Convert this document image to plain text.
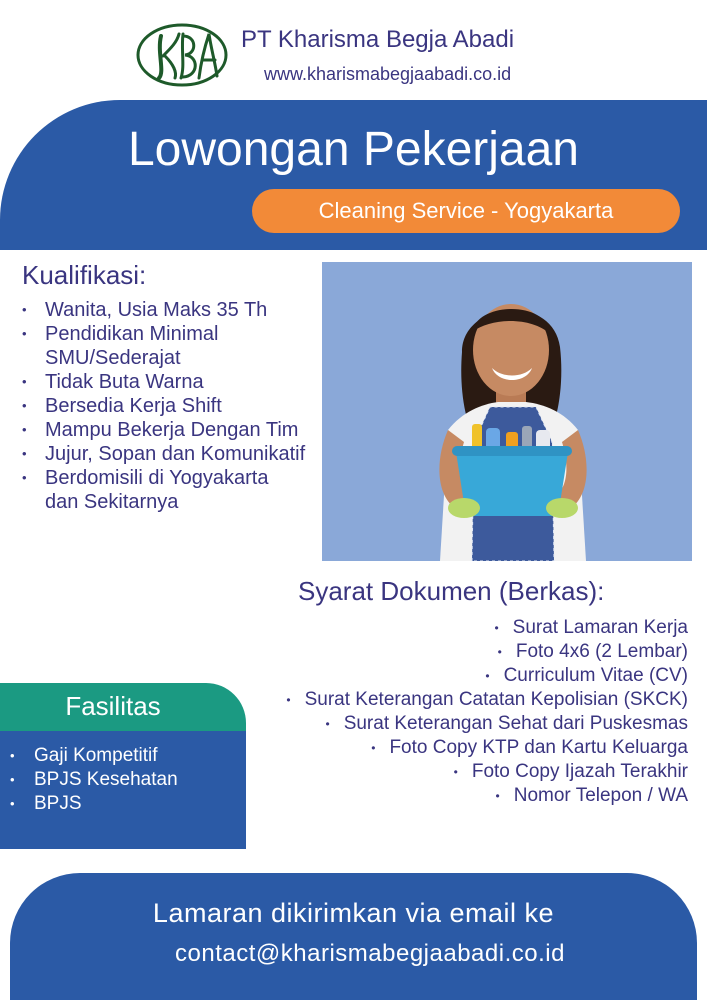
PT Kharisma Begja Abadi
www.kharismabegjaabadi.co.id
Lowongan Pekerjaan
Cleaning Service - Yogyakarta
Kualifikasi:
• Wanita, Usia Maks 35 Th
• Pendidikan Minimal SMU/Sederajat
• Tidak Buta Warna
• Bersedia Kerja Shift
• Mampu Bekerja Dengan Tim
• Jujur, Sopan dan Komunikatif
• Berdomisili di Yogyakarta dan Sekitarnya
Syarat Dokumen (Berkas):
• Surat Lamaran Kerja
• Foto 4x6 (2 Lembar)
• Curriculum Vitae (CV)
• Surat Keterangan Catatan Kepolisian (SKCK)
• Surat Keterangan Sehat dari Puskesmas
• Foto Copy KTP dan Kartu Keluarga
• Foto Copy Ijazah Terakhir
• Nomor Telepon / WA
Fasilitas
• Gaji Kompetitif
• BPJS Kesehatan
• BPJS
Lamaran dikirimkan via email ke
contact@kharismabegjaabadi.co.id
